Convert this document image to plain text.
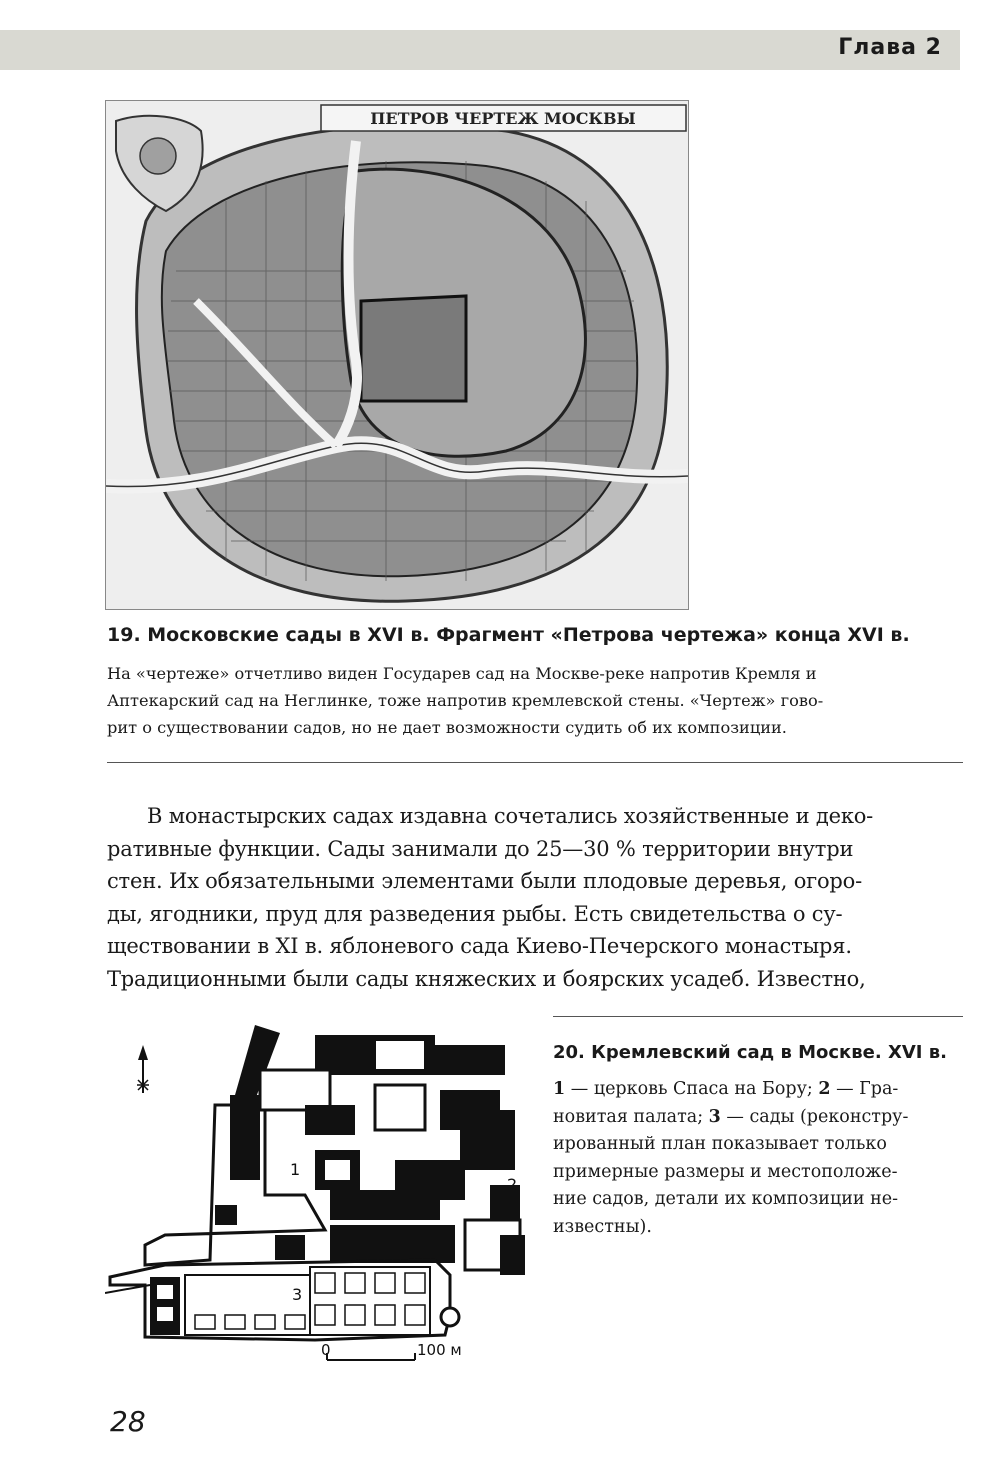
Глава 2
ПЕТРОВ ЧЕРТЕЖ МОСКВЫ
19. Московские сады в XVI в. Фрагмент «Петрова чертежа» конца XVI в.
На «чертеже» отчетливо виден Государев сад на Москве-реке напротив Кремля и
Аптекарский сад на Неглинке, тоже напротив кремлевской стены. «Чертеж» гово-
рит о существовании садов, но не дает возможности судить об их композиции.
В монастырских садах издавна сочетались хозяйственные и деко-
ративные функции. Сады занимали до 25—30 % территории внутри
стен. Их обязательными элементами были плодовые деревья, огоро-
ды, ягодники, пруд для разведения рыбы. Есть свидетельства о су-
ществовании в XI в. яблоневого сада Киево-Печерского монастыря.
Традиционными были сады княжеских и боярских усадеб. Известно,
1
2
3
0	100 м
20. Кремлевский сад в Москве. XVI в.
1 — церковь Спаса на Бору; 2 — Гра-
новитая палата; 3 — сады (реконстру-
ированный план показывает только
примерные размеры и местоположе-
ние садов, детали их композиции не-
известны).
28
